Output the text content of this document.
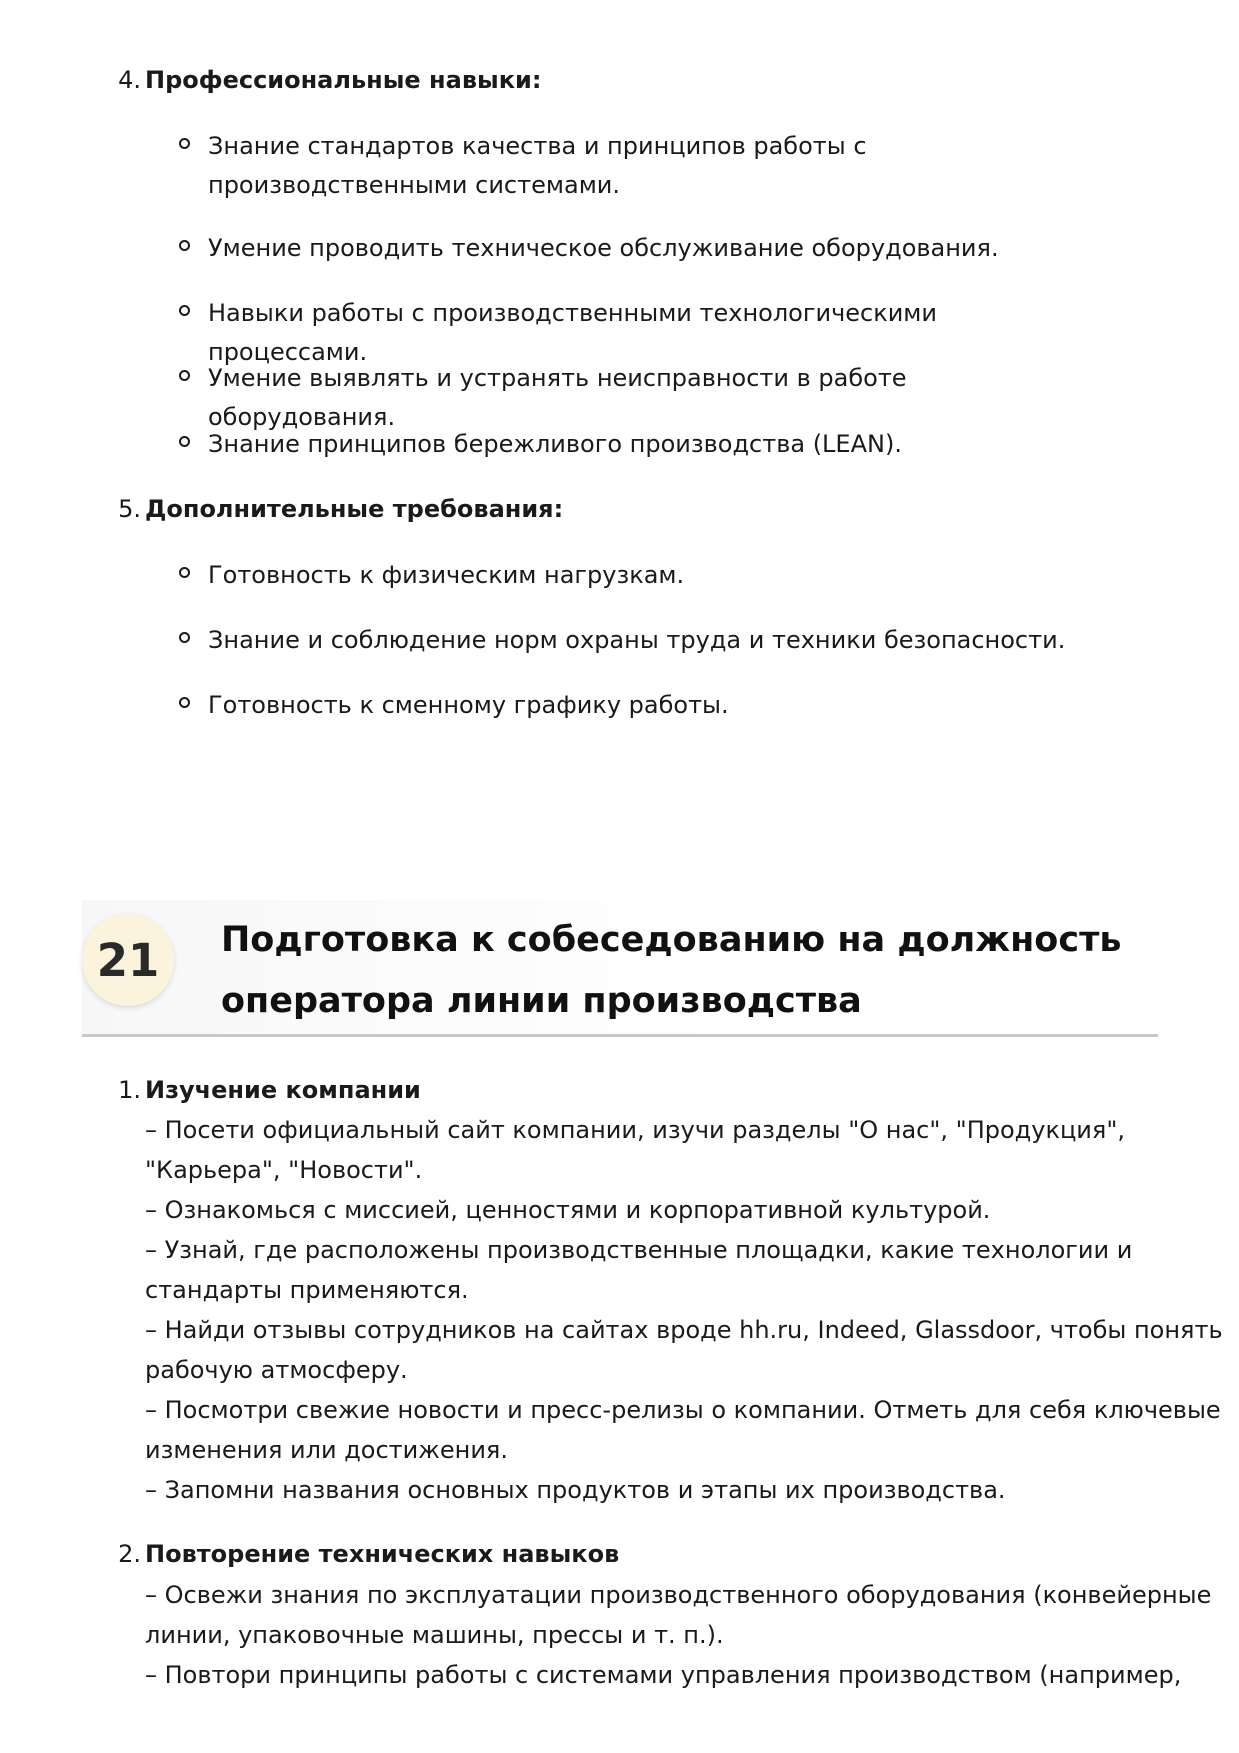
4. Профессиональные навыки:
Знание стандартов качества и принципов работы с производственными системами.
Умение проводить техническое обслуживание оборудования.
Навыки работы с производственными технологическими процессами.
Умение выявлять и устранять неисправности в работе оборудования.
Знание принципов бережливого производства (LEAN).
5. Дополнительные требования:
Готовность к физическим нагрузкам.
Знание и соблюдение норм охраны труда и техники безопасности.
Готовность к сменному графику работы.
21	Подготовка к собеседованию на должность
оператора линии производства
1. Изучение компании
– Посети официальный сайт компании, изучи разделы "О нас", "Продукция",
"Карьера", "Новости".
– Ознакомься с миссией, ценностями и корпоративной культурой.
– Узнай, где расположены производственные площадки, какие технологии и
стандарты применяются.
– Найди отзывы сотрудников на сайтах вроде hh.ru, Indeed, Glassdoor, чтобы понять
рабочую атмосферу.
– Посмотри свежие новости и пресс-релизы о компании. Отметь для себя ключевые
изменения или достижения.
– Запомни названия основных продуктов и этапы их производства.
2. Повторение технических навыков
– Освежи знания по эксплуатации производственного оборудования (конвейерные
линии, упаковочные машины, прессы и т. п.).
– Повтори принципы работы с системами управления производством (например,
